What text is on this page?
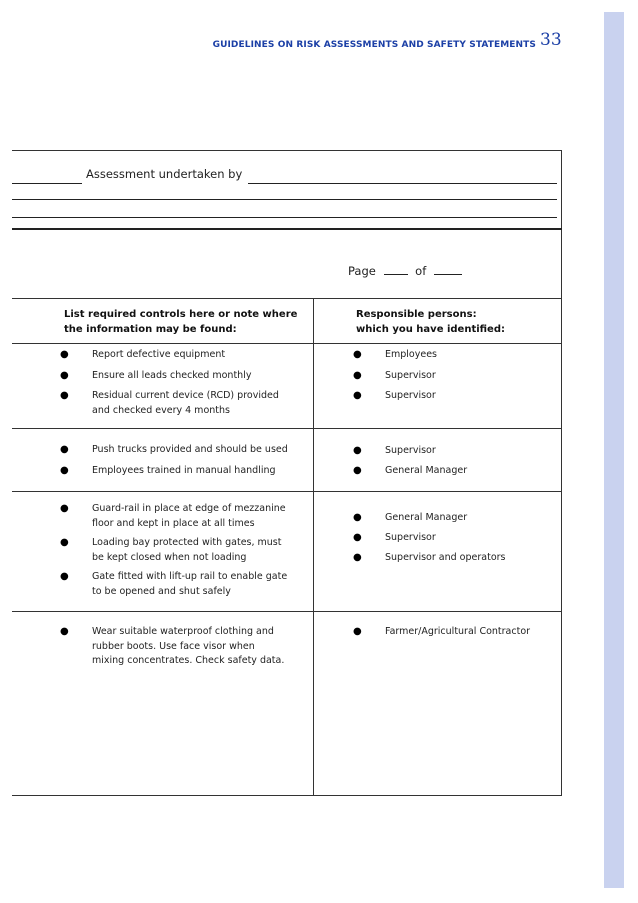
GUIDELINES ON RISK ASSESSMENTS AND SAFETY STATEMENTS 33
Assessment undertaken by
Page	of
List required controls here or note where
the information may be found:
Responsible persons:
which you have identified:
● Report defective equipment
● Ensure all leads checked monthly
● Residual current device (RCD) provided
and checked every 4 months
● Employees
● Supervisor
● Supervisor
● Push trucks provided and should be used
● Employees trained in manual handling
● Supervisor
● General Manager
● Guard-rail in place at edge of mezzanine
floor and kept in place at all times
● Loading bay protected with gates, must
be kept closed when not loading
● Gate fitted with lift-up rail to enable gate
to be opened and shut safely
● General Manager
● Supervisor
● Supervisor and operators
● Wear suitable waterproof clothing and
rubber boots. Use face visor when
mixing concentrates. Check safety data.
● Farmer/Agricultural Contractor
